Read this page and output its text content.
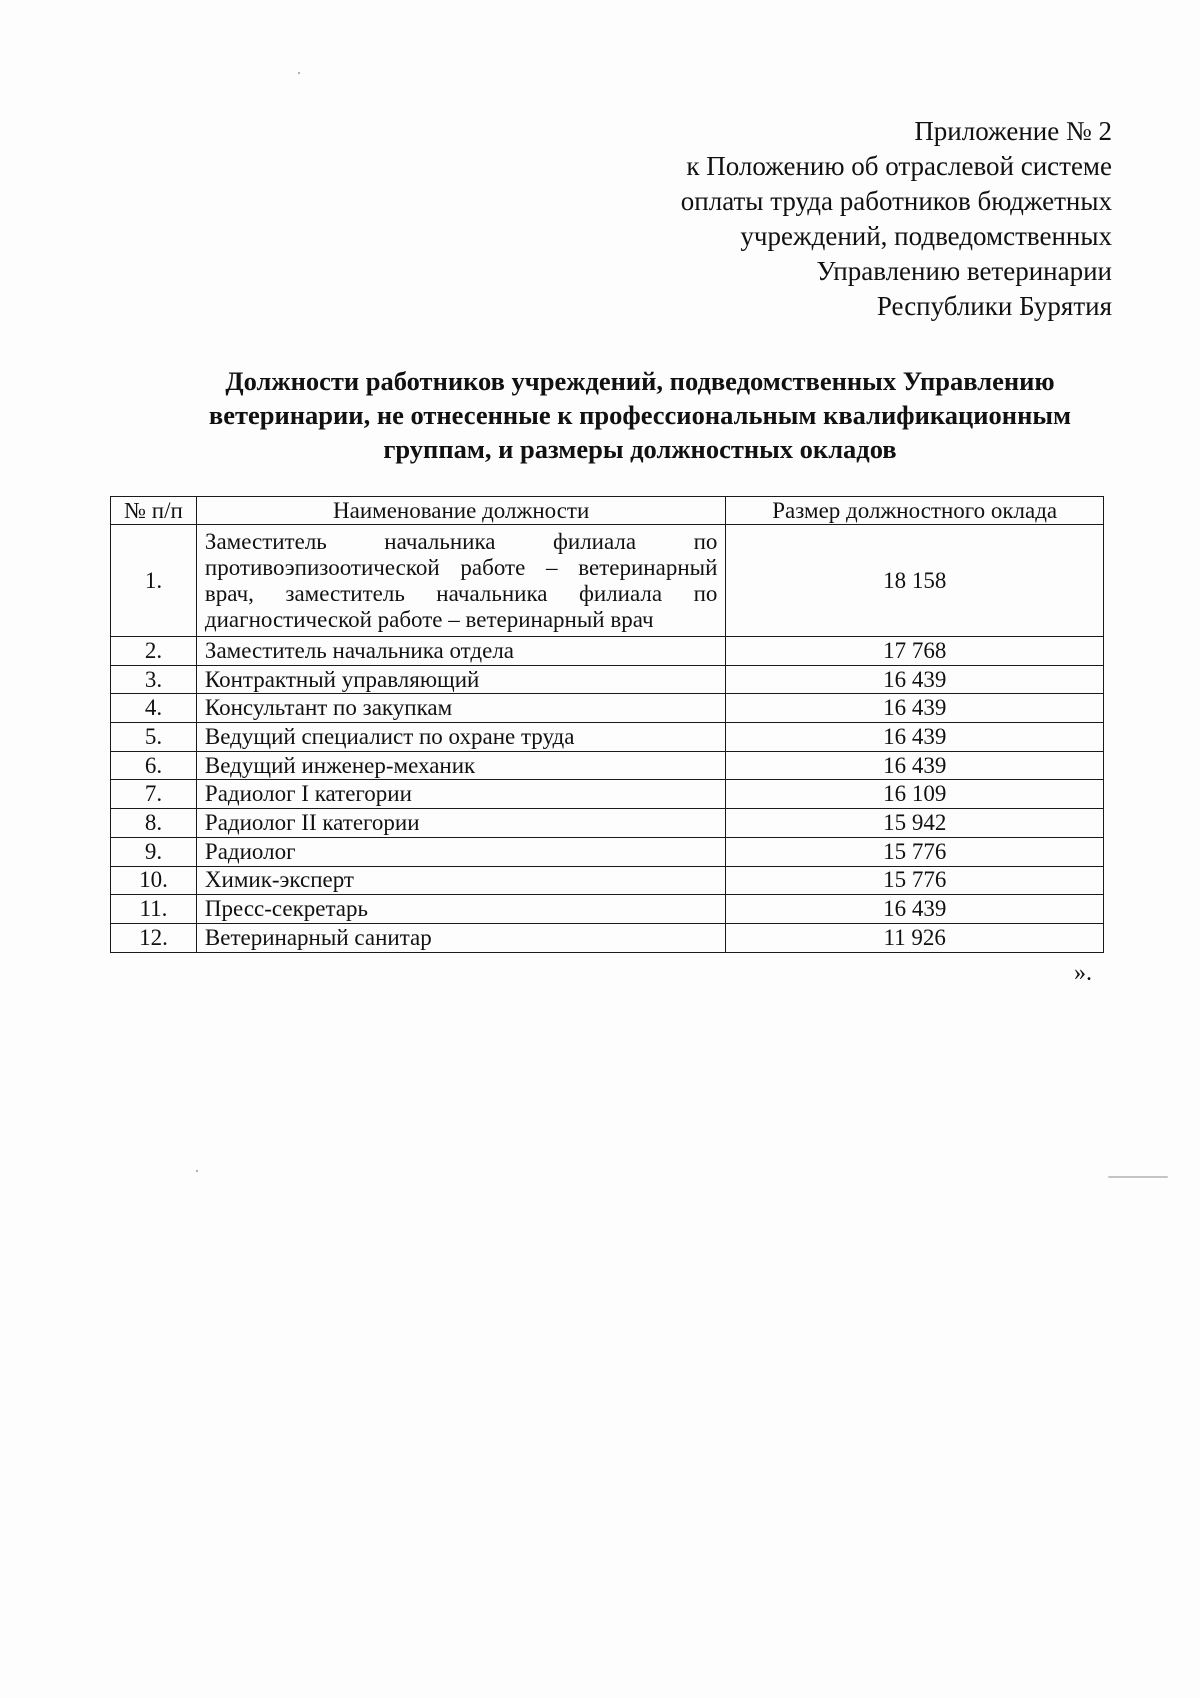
Приложение № 2
к Положению об отраслевой системе
оплаты труда работников бюджетных
учреждений, подведомственных
Управлению ветеринарии
Республики Бурятия
Должности работников учреждений, подведомственных Управлению
ветеринарии, не отнесенные к профессиональным квалификационным
группам, и размеры должностных окладов
№ п/п	Наименование должности	Размер должностного оклада
1.	Заместитель начальника филиала по противоэпизоотической работе – ветеринарный врач, заместитель начальника филиала по диагностической работе – ветеринарный врач	18 158
2.	Заместитель начальника отдела	17 768
3.	Контрактный управляющий	16 439
4.	Консультант по закупкам	16 439
5.	Ведущий специалист по охране труда	16 439
6.	Ведущий инженер-механик	16 439
7.	Радиолог I категории	16 109
8.	Радиолог II категории	15 942
9.	Радиолог	15 776
10.	Химик-эксперт	15 776
11.	Пресс-секретарь	16 439
12.	Ветеринарный санитар	11 926
».
